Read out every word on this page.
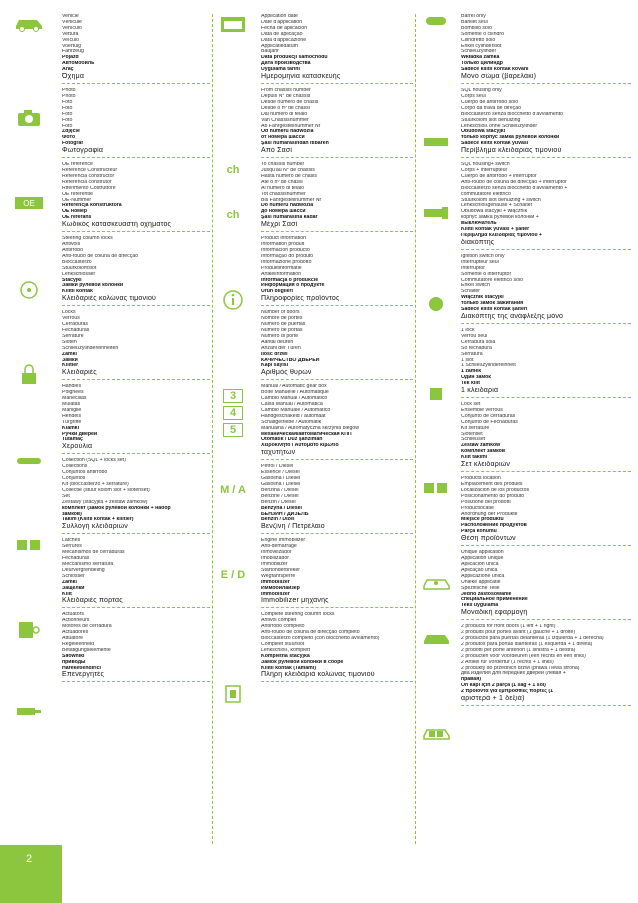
OE
Vehicle
Véhicule
Vehículo
Vettura
Veículo
Voertuig
Fahrzeug
Pojazd
Автомобиль
Araç
Όχημα
Photo
Photo
Foto
Foto
Foto
Foto
Foto
Zdjęcie
Фото
Fotoğraf
Φωτογραφία
OE reference
Référence Constructeur
Referencia constructor
Referência construtor
Riferimento Costruttore
OE referentie
OE-Nummer
Referencja konstruktora
OE номер
OE referans
Κωδικός κατασκευαστή οχήματος
Steering column locks
Antivols
Antirrobo
Anti-roubo de coluna de direcção
Bloccasterzo
Stuurkolomslot
Lenkschlösser
Stacyjki
Замки рулевой колонки
Kilitli kontak
Κλειδαριές κολώνας τιμονιού
Locks
Verrous
Cerraduras
Fechaduras
Serrature
Sloten
Schließzylindereinheiten
Zamki
Замки
Kilitler
Κλειδαριές
Handles
Poignées
Manecillas
Mulatas
Maniglie
Hendels
Türgriffe
Klamki
Ручки дверей
Tutamaç
Χερούλια
Collection (SQL + locks set)
Collections
Conjuntos antirrobo
Conjuntos
Kit (bloccasterzo + serrature)
Collectie (stuur kolom slot + slotenset)
Set
Zestawy (stacyjka + zestaw zamków)
комплект (замок рулевой колонки + набор
замков)
Takım (Kilitli kontak + kilitler)
Συλλογή κλειδαριών
Latches
Serrures
Mecanismos de cerraduras
Fechaduras
Meccanismo serratura
Deurvergrendeling
Schlösser
Zamki
Защелки
Kilit
Κλειδαριές πόρτας
Actuators
Actionneurs
Motores de cerradura
Actuadores
Attuatore
Regeleenheid
Betätigungselemente
Siłowniki
приводы
Hareketlendirici
Επενεργητές
ch
ch
3
4
5
M / A
E / D
Application date
Date d'application
Fecha de aplicación
Data de aplicação
Data d'applicazione
Applicatiedatum
Baujahr
Data produkcji samochodu
Дата производства
Uygulama tarihi
Ημερομηνία κατασκευής
From chassis number
Depuis N° de chassis
Desde número de chasis
Desde o nº de chassi
Dal numero di telaio
Van Chassisnummer
Ab Fahrgestellnummer Nr
Od numeru nadwozia
от номера шасси
Şasi numarasından itibaren
Από Σασί
To chassis number
Jusqu'au N° de chassis
Hasta número de chasis
Até o nº de chassi
Al numero di telaio
Tot chassisnummer
Bis Fahrgestellnummer Nr
Do numeru nadwozia
до номера шасси
Şasi numarasına kadar
Μέχρι Σασί
Product information
Information produit
Información producto
Informação do produto
Informazione prodotto
Produktinformatie
Artikelinformation
Informacja o produkcie
Информация о продукте
Ürün bilgileri
Πληροφορίες προϊόντος
Number of doors
Nombre de portes
Número de puertas
Número de portas
Numero di porte
Aantal deuren
Anzahl der Türen
Ilość drzwi
КАЧИЧЕСТВО ДВЕРЕЙ
Kapı sayısı
Αριθμός θυρών
Manual / Automatic gear box
Boîte Manuelle / Automatique
Cambio Manual / Automático
Caixa Manual / Automática
Cambio Manuale / Automatico
Handgeschakeld / automaat
Schaltgetriebe / Automatik
Manualna / Automatyczna skrzynia biegów
механическая/автоматическая КПП
Otomatik / Düz şanzıman
Χειροκίνητο / Αυτόματο κιβώτιο
ταχυτήτων
Petrol / Diesel
Essence / Diesel
Gasolina / Diesel
Gasolina / Diesel
Benzina / Diesel
Benzine / Diesel
Benzin / Diesel
Benzyna / Diesel
БЕНЗИН / ДИЗЕЛЬ
Benzin / Dizel
Βενζίνη / Πετρέλαιο
Engine Immobilizer
Anti-démarrage
Inmovilizador
Imobilizador
Immobilizer
Startonderbreker
Wegfahrsperre
Immobilizer
Иммобилайзер
Immobilizer
Immobilizer μηχανής
Complete steering column locks
Antivol complet
Antirrobo completo
Anti-roubo de coluna de direcção completo
Bloccasterzo completo (con blocchetto avviamento)
Compleet stuurslot
Lenkschloß, komplett
Kompletna stacyjka
Замок рулевой колонки в сборе
Kilitli kontak (Tamamı)
Πλήρη κλειδαριά κολώνας τιμονιού
Barrel only
Barillet seul
Bombillo solo
Somente o cilindro
Cilindretto solo
Enkel cylinderslot
Schließzylinder
Wkładka zamka
Только цилиндр
Sadece kilitli kontak kovanı
Μόνο σώμα (βαρελάκι)
SQL housing only
Corps seul
Cuerpo de antirrobo solo
Corpo da trava de direção
Bloccasterzo senza blocchetto d'avviamento
Stuurkolom slot behuizing
Lenkschloß ohne Schließzylinder
Obudowa stacyjki
только корпус замка рулевой колонки
Sadece kilitli kontak yuvası
Περίβλημα κλειδαριάς τιμονιού
SQL housing+ switch
Corps + interrupteur
Cuerpo de antirrobo + interruptor
Anti-roubo de coluna de direcção + interruptor
Bloccasterzo senza blocchetto d'avviamento +
commutatore elettrico
Stuurkolom slot behuizing + switch
Lenkschloßgehäuse + Schalter
Obudowa stacyjki + włącznik
корпус замка рулевой колонки +
выключатель
Kilitli kontak yuvası + şalter
Περίβλημα κλειδαριάς τιμονιού +
διακόπτης
Ignition switch only
Interrupteur seul
Interruptor
Somente o interruptor
Commutatore elettrico solo
Enkel switch
Schalter
Włącznik stacyjki
только замок зажигания
Sadece kilitli kontak şalteri
Διακόπτης της ανάφλεξης μόνο
1 lock
Verrou seul
Cerradura sola
Só fechadura
Serratura
1 slot
1 Schließzylindereinheit
1 zamek
Один замок
Tek kilit
1 κλειδαριά
Lock set
Ensemble verrous
Conjunto de cerraduras
Conjunto de Fechaduras
Kit serrature
Slotenset
Schließset
Zestaw zamków
Комплект замков
Kilit takımı
Σετ κλειδαριών
Products location
Emplacement des produits
Localización de los productos
Posicionamento do produto
Posizione dei prodotti
Productlocatie
Anordnung der Produkte
Miejsce produktu
Расположение продуктов
Parça konumu
Θέση προϊόντων
Unique application
Application unique
Aplicación única
Aplicação única
Applicazione unica
Unieke applicatie
Spezifische Teile
Jedno zastosowanie
специальное применение
Tekli uygulama
Μοναδική εφαρμογή
2 products for front doors (1 left + 1 right)
2 produits pour portes avant (1 gauche + 1 droite)
2 productos para puertas delanteras (1 izquierda + 1 derecha)
2 produtos para portas dianteiras (1 esquerda + 1 direita)
2 prodotti per porte anteriori (1 sinistra + 1 destra)
2 producten voor voordeuren (een rechts en een links)
2 Artikel für Vordertür (1 rechts + 1 links)
2 produkty do przednich drzwi (prawa i lewa strona)
два изделия для передних дверей (левая +
правая)
Ön kapı için 2 parça (1 sağ + 1 sol)
2 προϊόντα για εμπρόσθιες πόρτες (1
αριστερά + 1 δεξιά)
2
